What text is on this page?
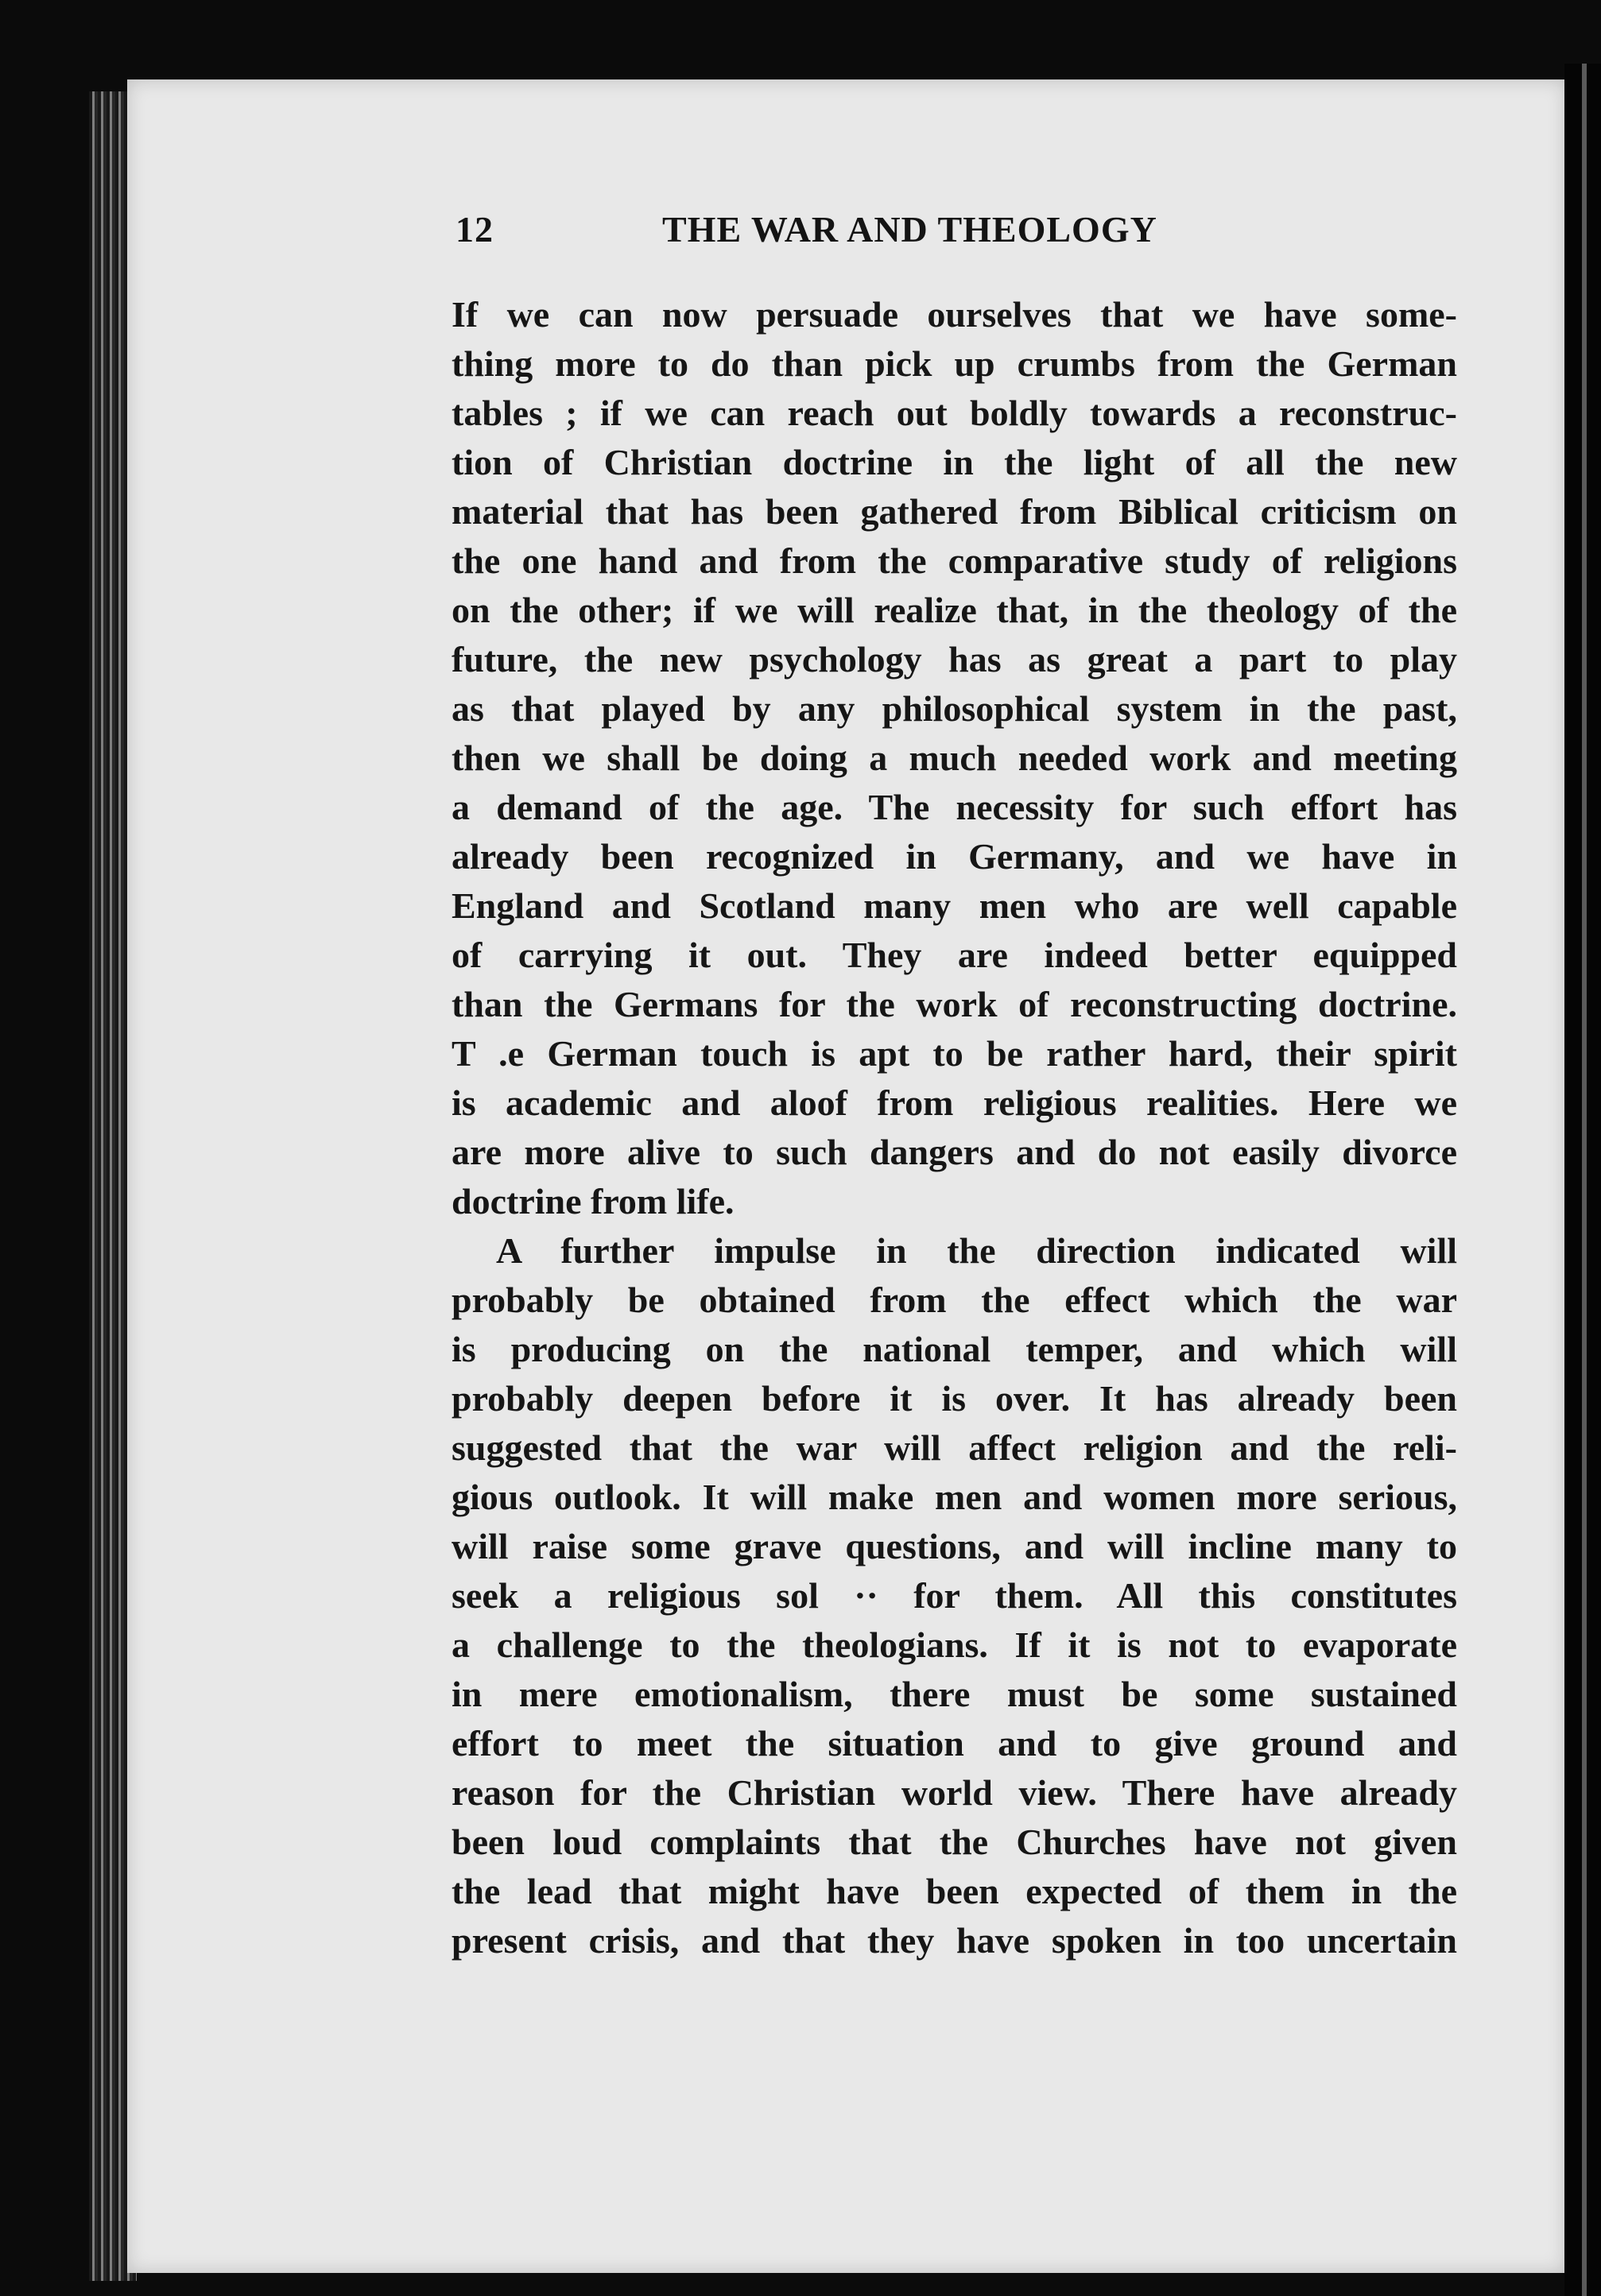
12	THE WAR AND THEOLOGY
If we can now persuade ourselves that we have some-
thing more to do than pick up crumbs from the German
tables ; if we can reach out boldly towards a reconstruc-
tion of Christian doctrine in the light of all the new
material that has been gathered from Biblical criticism on
the one hand and from the comparative study of religions
on the other; if we will realize that, in the theology of the
future, the new psychology has as great a part to play
as that played by any philosophical system in the past,
then we shall be doing a much needed work and meeting
a demand of the age. The necessity for such effort has
already been recognized in Germany, and we have in
England and Scotland many men who are well capable
of carrying it out. They are indeed better equipped
than the Germans for the work of reconstructing doctrine.
T .e German touch is apt to be rather hard, their spirit
is academic and aloof from religious realities. Here we
are more alive to such dangers and do not easily divorce
doctrine from life.
A further impulse in the direction indicated will
probably be obtained from the effect which the war
is producing on the national temper, and which will
probably deepen before it is over. It has already been
suggested that the war will affect religion and the reli-
gious outlook. It will make men and women more serious,
will raise some grave questions, and will incline many to
seek a religious sol ·· for them. All this constitutes
a challenge to the theologians. If it is not to evaporate
in mere emotionalism, there must be some sustained
effort to meet the situation and to give ground and
reason for the Christian world view. There have already
been loud complaints that the Churches have not given
the lead that might have been expected of them in the
present crisis, and that they have spoken in too uncertain
